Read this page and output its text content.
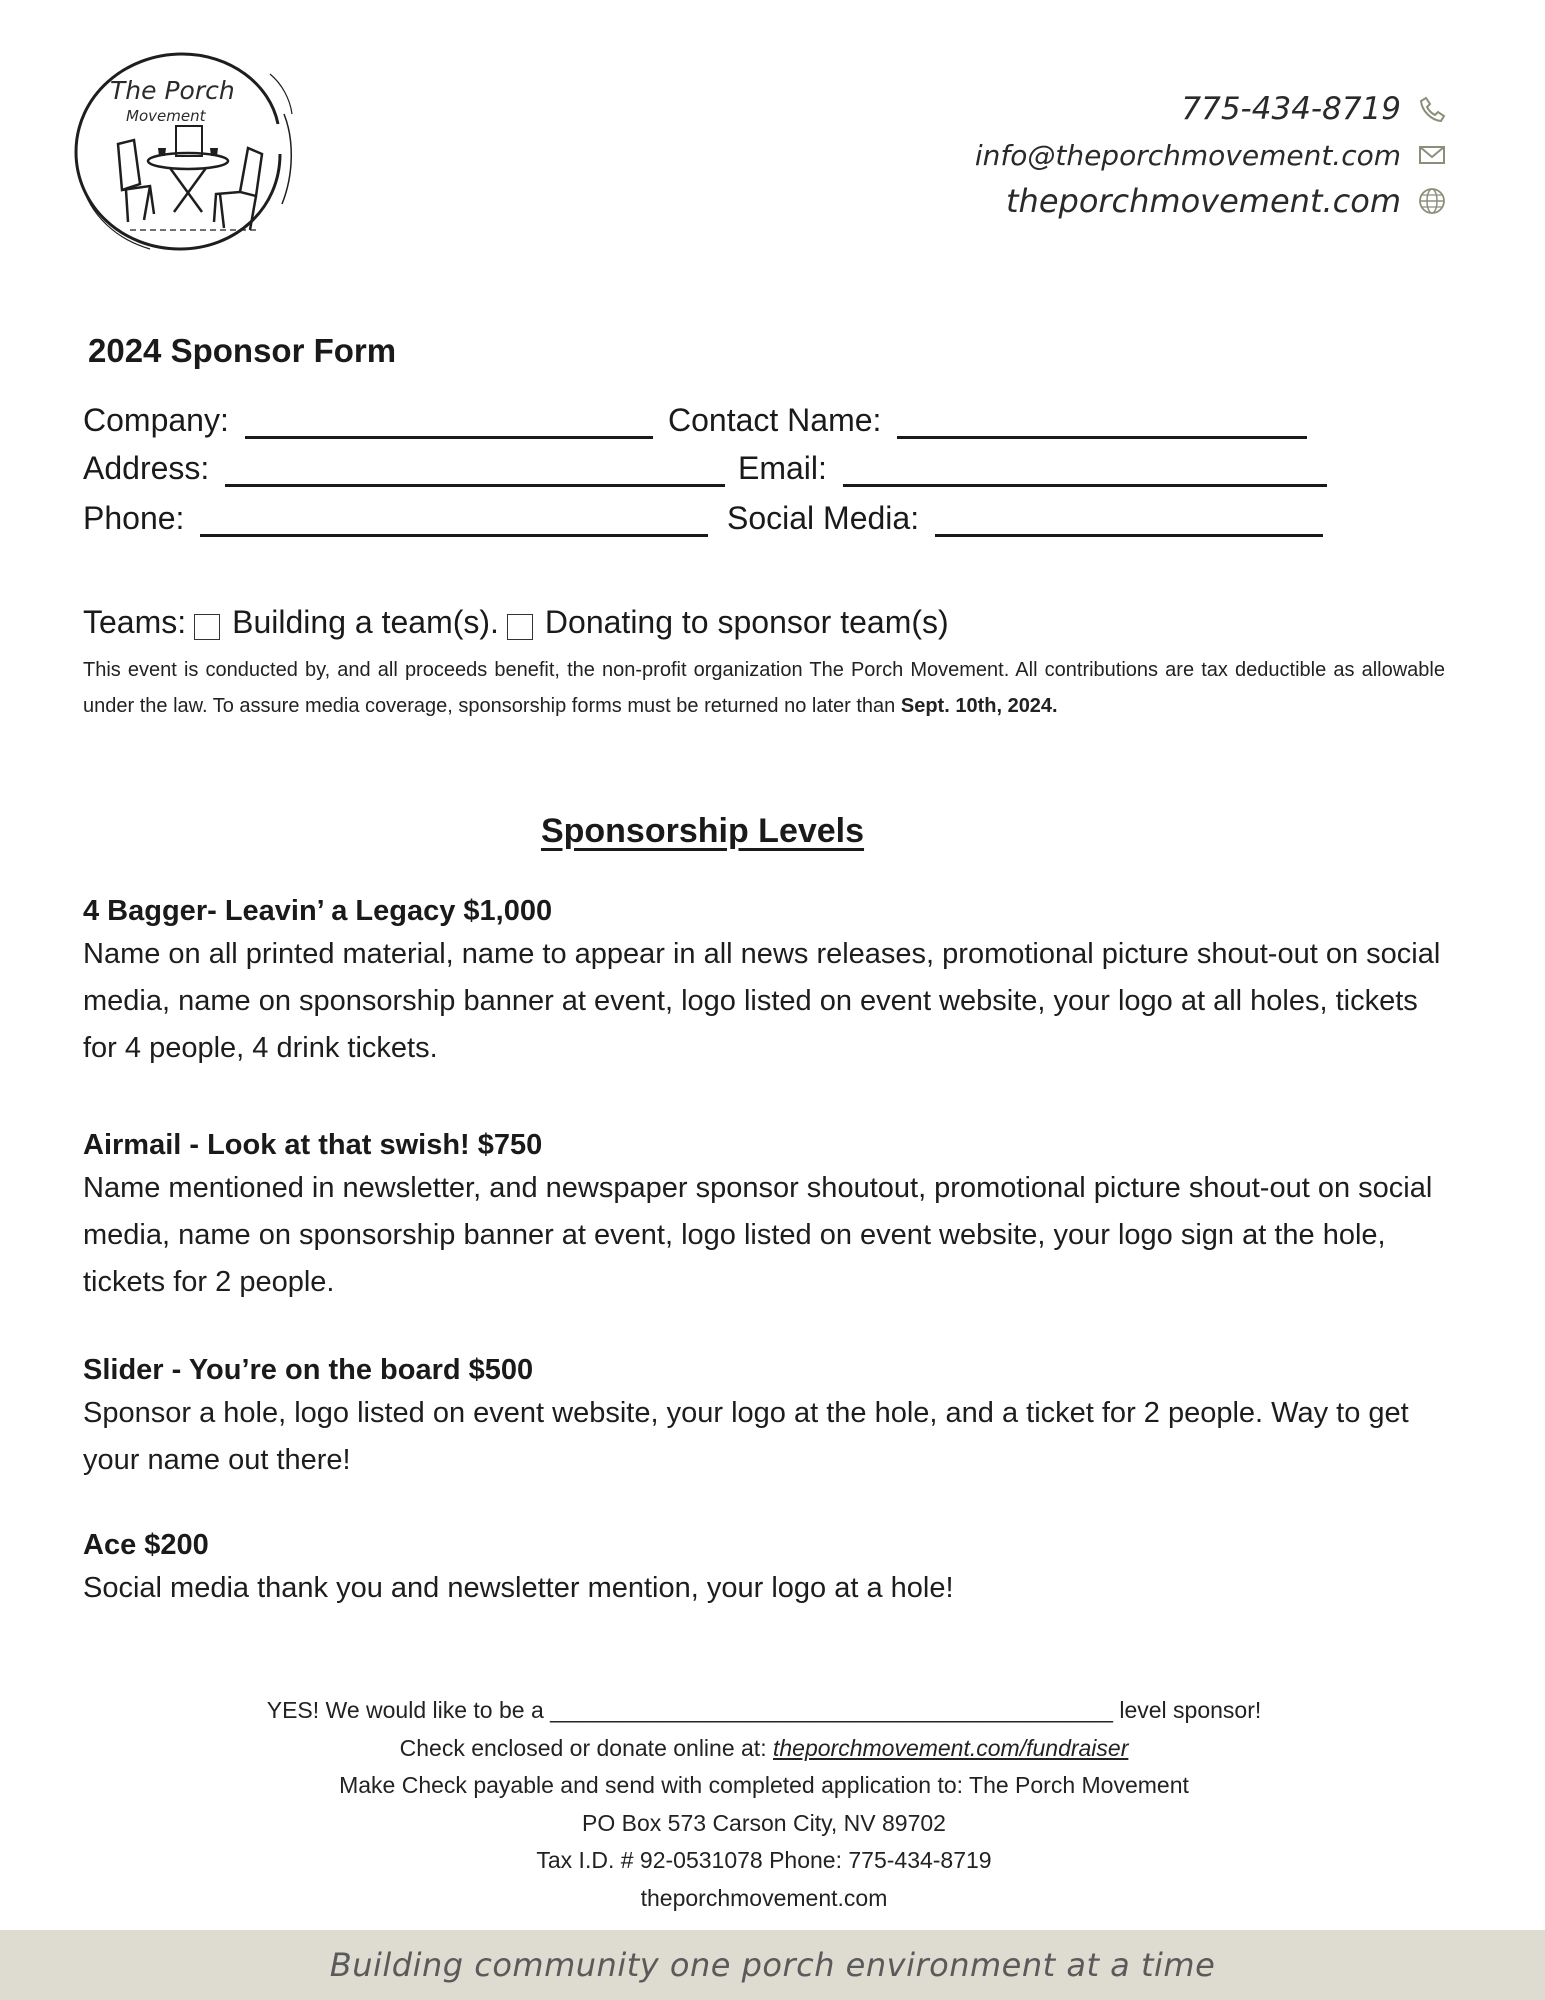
The Porch
Movement	775-434-8719
info@theporchmovement.com
theporchmovement.com
2024 Sponsor Form
Company:	Contact Name:
Address:	Email:
Phone:	Social Media:
Teams: Building a team(s). Donating to sponsor team(s)
This event is conducted by, and all proceeds benefit, the non-profit organization The Porch Movement. All contributions are tax deductible as allowable under the law. To assure media coverage, sponsorship forms must be returned no later than Sept. 10th, 2024.
Sponsorship Levels
4 Bagger- Leavin’ a Legacy $1,000
Name on all printed material, name to appear in all news releases, promotional picture shout-out on social media, name on sponsorship banner at event, logo listed on event website, your logo at all holes, tickets for 4 people, 4 drink tickets.
Airmail - Look at that swish! $750
Name mentioned in newsletter, and newspaper sponsor shoutout, promotional picture shout-out on social media, name on sponsorship banner at event, logo listed on event website, your logo sign at the hole, tickets for 2 people.
Slider - You’re on the board $500
Sponsor a hole, logo listed on event website, your logo at the hole, and a ticket for 2 people. Way to get your name out there!
Ace $200
Social media thank you and newsletter mention, your logo at a hole!
YES! We would like to be a ____________________________________________ level sponsor!
Check enclosed or donate online at: theporchmovement.com/fundraiser
Make Check payable and send with completed application to: The Porch Movement
PO Box 573 Carson City, NV 89702
Tax I.D. # 92-0531078 Phone: 775-434-8719
theporchmovement.com
Building community one porch environment at a time
